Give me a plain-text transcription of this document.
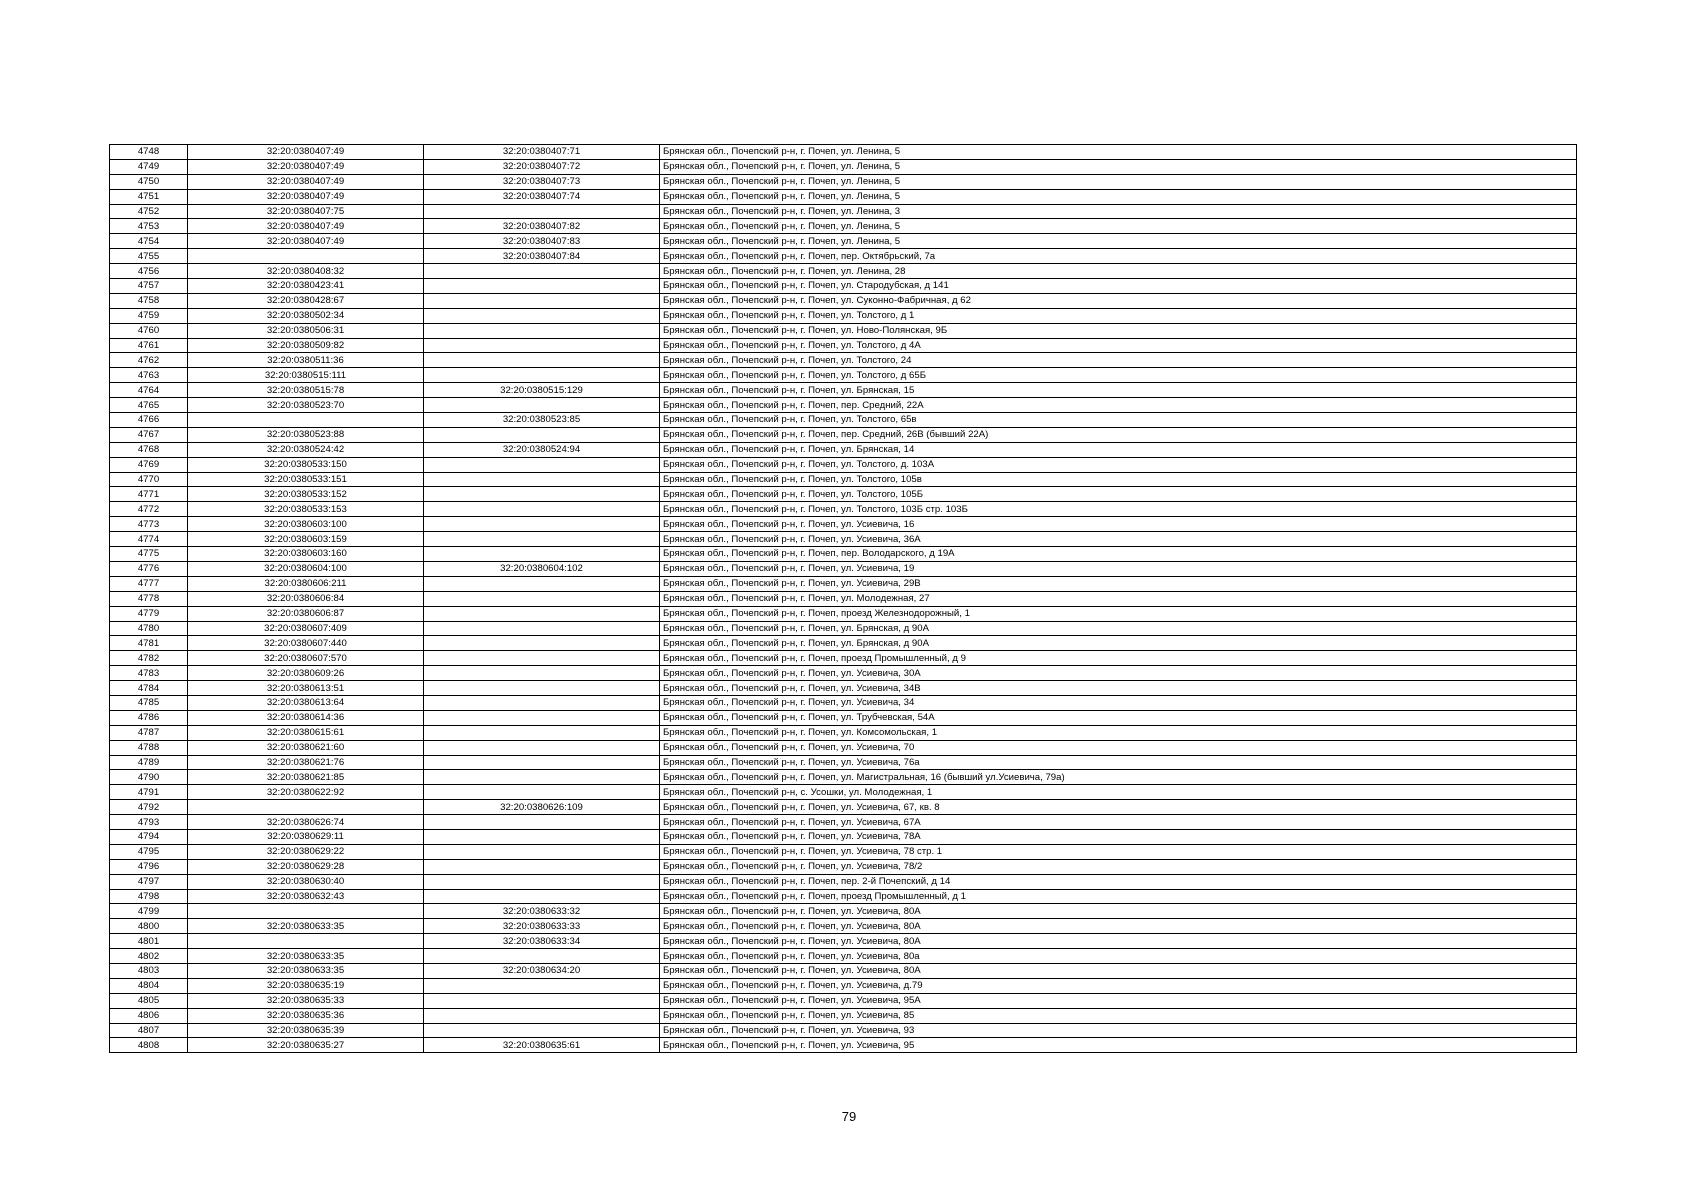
4748	32:20:0380407:49	32:20:0380407:71	Брянская обл., Почепский р-н, г. Почеп, ул. Ленина, 5
4749	32:20:0380407:49	32:20:0380407:72	Брянская обл., Почепский р-н, г. Почеп, ул. Ленина, 5
4750	32:20:0380407:49	32:20:0380407:73	Брянская обл., Почепский р-н, г. Почеп, ул. Ленина, 5
4751	32:20:0380407:49	32:20:0380407:74	Брянская обл., Почепский р-н, г. Почеп, ул. Ленина, 5
4752	32:20:0380407:75		Брянская обл., Почепский р-н, г. Почеп, ул. Ленина, 3
4753	32:20:0380407:49	32:20:0380407:82	Брянская обл., Почепский р-н, г. Почеп, ул. Ленина, 5
4754	32:20:0380407:49	32:20:0380407:83	Брянская обл., Почепский р-н, г. Почеп, ул. Ленина, 5
4755		32:20:0380407:84	Брянская обл., Почепский р-н, г. Почеп, пер. Октябрьский, 7а
4756	32:20:0380408:32		Брянская обл., Почепский р-н, г. Почеп, ул. Ленина, 28
4757	32:20:0380423:41		Брянская обл., Почепский р-н, г. Почеп, ул. Стародубская, д 141
4758	32:20:0380428:67		Брянская обл., Почепский р-н, г. Почеп, ул. Суконно-Фабричная, д 62
4759	32:20:0380502:34		Брянская обл., Почепский р-н, г. Почеп, ул. Толстого, д 1
4760	32:20:0380506:31		Брянская обл., Почепский р-н, г. Почеп, ул. Ново-Полянская, 9Б
4761	32:20:0380509:82		Брянская обл., Почепский р-н, г. Почеп, ул. Толстого, д 4А
4762	32:20:0380511:36		Брянская обл., Почепский р-н, г. Почеп, ул. Толстого, 24
4763	32:20:0380515:111		Брянская обл., Почепский р-н, г. Почеп, ул. Толстого, д 65Б
4764	32:20:0380515:78	32:20:0380515:129	Брянская обл., Почепский р-н, г. Почеп, ул. Брянская, 15
4765	32:20:0380523:70		Брянская обл., Почепский р-н, г. Почеп, пер. Средний, 22А
4766		32:20:0380523:85	Брянская обл., Почепский р-н, г. Почеп, ул. Толстого, 65в
4767	32:20:0380523:88		Брянская обл., Почепский р-н, г. Почеп, пер. Средний, 26В (бывший 22А)
4768	32:20:0380524:42	32:20:0380524:94	Брянская обл., Почепский р-н, г. Почеп, ул. Брянская, 14
4769	32:20:0380533:150		Брянская обл., Почепский р-н, г. Почеп, ул. Толстого, д. 103А
4770	32:20:0380533:151		Брянская обл., Почепский р-н, г. Почеп, ул. Толстого, 105в
4771	32:20:0380533:152		Брянская обл., Почепский р-н, г. Почеп, ул. Толстого, 105Б
4772	32:20:0380533:153		Брянская обл., Почепский р-н, г. Почеп, ул. Толстого, 103Б стр. 103Б
4773	32:20:0380603:100		Брянская обл., Почепский р-н, г. Почеп, ул. Усиевича, 16
4774	32:20:0380603:159		Брянская обл., Почепский р-н, г. Почеп, ул. Усиевича, 36А
4775	32:20:0380603:160		Брянская обл., Почепский р-н, г. Почеп, пер. Володарского, д 19А
4776	32:20:0380604:100	32:20:0380604:102	Брянская обл., Почепский р-н, г. Почеп, ул. Усиевича, 19
4777	32:20:0380606:211		Брянская обл., Почепский р-н, г. Почеп, ул. Усиевича, 29В
4778	32:20:0380606:84		Брянская обл., Почепский р-н, г. Почеп, ул. Молодежная, 27
4779	32:20:0380606:87		Брянская обл., Почепский р-н, г. Почеп, проезд Железнодорожный, 1
4780	32:20:0380607:409		Брянская обл., Почепский р-н, г. Почеп, ул. Брянская, д 90А
4781	32:20:0380607:440		Брянская обл., Почепский р-н, г. Почеп, ул. Брянская, д 90А
4782	32:20:0380607:570		Брянская обл., Почепский р-н, г. Почеп, проезд Промышленный, д 9
4783	32:20:0380609:26		Брянская обл., Почепский р-н, г. Почеп, ул. Усиевича, 30А
4784	32:20:0380613:51		Брянская обл., Почепский р-н, г. Почеп, ул. Усиевича, 34В
4785	32:20:0380613:64		Брянская обл., Почепский р-н, г. Почеп, ул. Усиевича, 34
4786	32:20:0380614:36		Брянская обл., Почепский р-н, г. Почеп, ул. Трубчевская, 54А
4787	32:20:0380615:61		Брянская обл., Почепский р-н, г. Почеп, ул. Комсомольская, 1
4788	32:20:0380621:60		Брянская обл., Почепский р-н, г. Почеп, ул. Усиевича, 70
4789	32:20:0380621:76		Брянская обл., Почепский р-н, г. Почеп, ул. Усиевича, 76а
4790	32:20:0380621:85		Брянская обл., Почепский р-н, г. Почеп, ул. Магистральная, 16 (бывший ул.Усиевича, 79а)
4791	32:20:0380622:92		Брянская обл., Почепский р-н, с. Усошки, ул. Молодежная, 1
4792		32:20:0380626:109	Брянская обл., Почепский р-н, г. Почеп, ул. Усиевича, 67, кв. 8
4793	32:20:0380626:74		Брянская обл., Почепский р-н, г. Почеп, ул. Усиевича, 67А
4794	32:20:0380629:11		Брянская обл., Почепский р-н, г. Почеп, ул. Усиевича, 78А
4795	32:20:0380629:22		Брянская обл., Почепский р-н, г. Почеп, ул. Усиевича, 78 стр. 1
4796	32:20:0380629:28		Брянская обл., Почепский р-н, г. Почеп, ул. Усиевича, 78/2
4797	32:20:0380630:40		Брянская обл., Почепский р-н, г. Почеп, пер. 2-й Почепский, д 14
4798	32:20:0380632:43		Брянская обл., Почепский р-н, г. Почеп, проезд Промышленный, д 1
4799		32:20:0380633:32	Брянская обл., Почепский р-н, г. Почеп, ул. Усиевича, 80А
4800	32:20:0380633:35	32:20:0380633:33	Брянская обл., Почепский р-н, г. Почеп, ул. Усиевича, 80А
4801		32:20:0380633:34	Брянская обл., Почепский р-н, г. Почеп, ул. Усиевича, 80А
4802	32:20:0380633:35		Брянская обл., Почепский р-н, г. Почеп, ул. Усиевича, 80а
4803	32:20:0380633:35	32:20:0380634:20	Брянская обл., Почепский р-н, г. Почеп, ул. Усиевича, 80А
4804	32:20:0380635:19		Брянская обл., Почепский р-н, г. Почеп, ул. Усиевича, д.79
4805	32:20:0380635:33		Брянская обл., Почепский р-н, г. Почеп, ул. Усиевича, 95А
4806	32:20:0380635:36		Брянская обл., Почепский р-н, г. Почеп, ул. Усиевича, 85
4807	32:20:0380635:39		Брянская обл., Почепский р-н, г. Почеп, ул. Усиевича, 93
4808	32:20:0380635:27	32:20:0380635:61	Брянская обл., Почепский р-н, г. Почеп, ул. Усиевича, 95
79
